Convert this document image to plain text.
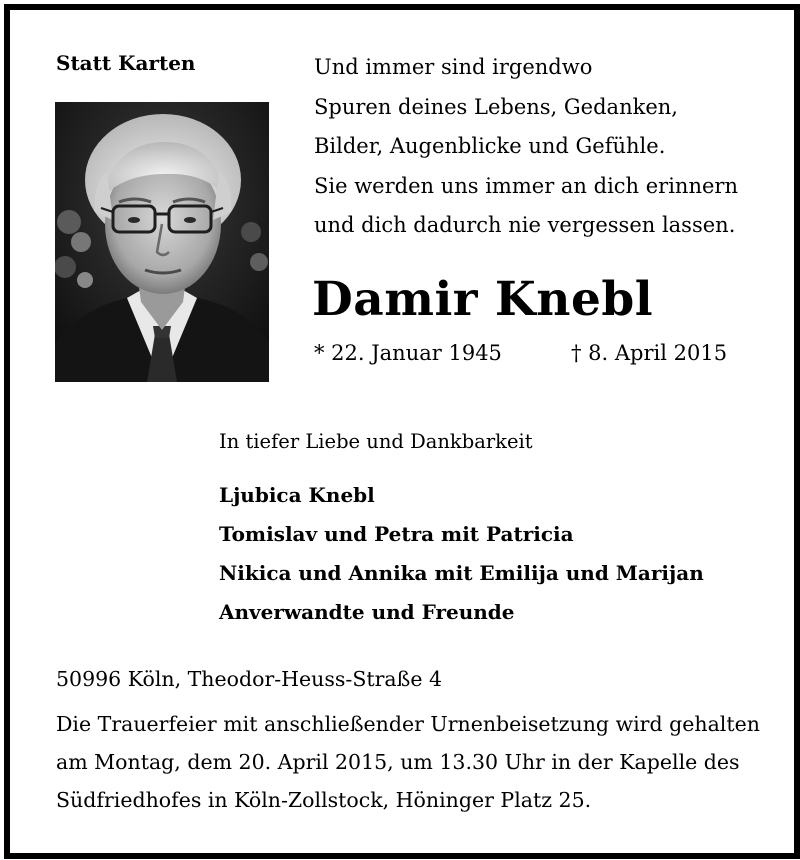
Statt Karten	Und immer sind irgendwo
Spuren deines Lebens, Gedanken,
Bilder, Augenblicke und Gefühle.
Sie werden uns immer an dich erinnern
und dich dadurch nie vergessen lassen.
Damir Knebl
* 22. Januar 1945	† 8. April 2015
In tiefer Liebe und Dankbarkeit
Ljubica Knebl
Tomislav und Petra mit Patricia
Nikica und Annika mit Emilija und Marijan
Anverwandte und Freunde
50996 Köln, Theodor-Heuss-Straße 4
Die Trauerfeier mit anschließender Urnenbeisetzung wird gehalten
am Montag, dem 20. April 2015, um 13.30 Uhr in der Kapelle des
Südfriedhofes in Köln-Zollstock, Höninger Platz 25.
